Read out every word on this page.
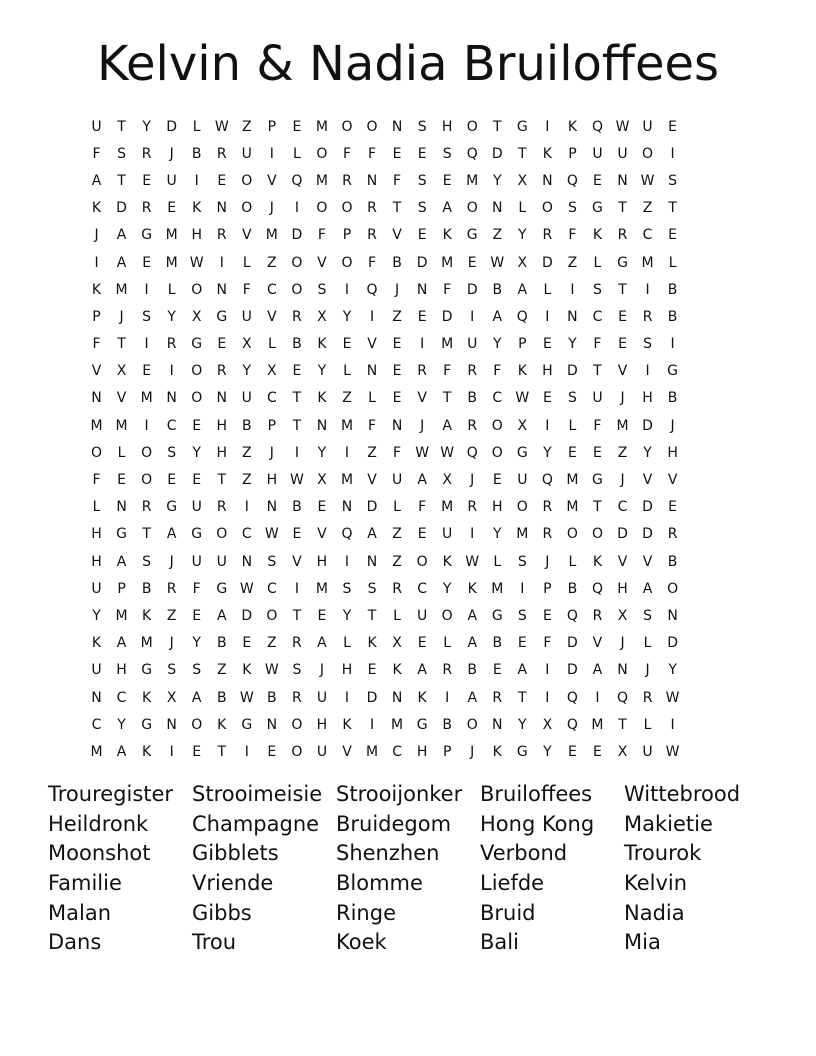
Kelvin & Nadia Bruiloffees
U	T	Y	D	L	W Z	P	E	M O	O	N	S	H	O	T	G	I	K	Q W U	E
F	S	R	J	B	R	U	I	L	O	F	F	E	E	S	Q	D	T	K	P	U	U	O	I
A	T	E	U	I	E	O	V	Q M	R	N	F	S	E	M	Y	X	N	Q	E	N W S
K	D	R	E	K	N	O	J	I	O	O	R	T	S	A	O	N	L	O	S	G	T	Z	T
J	A	G M H	R	V	M D	F	P	R	V	E	K	G	Z	Y	R	F	K	R	C	E
I	A	E	M W	I	L	Z	O	V	O	F	B	D M	E W X	D	Z	L	G M	L
K	M	I	L	O	N	F	C	O	S	I	Q	J	N	F	D	B	A	L	I	S	T	I	B
P	J	S	Y	X	G	U	V	R	X	Y	I	Z	E	D	I	A	Q	I	N	C	E	R	B
F	T	I	R	G	E	X	L	B	K	E	V	E	I	M U	Y	P	E	Y	F	E	S	I
V	X	E	I	O	R	Y	X	E	Y	L	N	E	R	F	R	F	K	H	D	T	V	I	G
N	V	M N	O	N	U	C	T	K	Z	L	E	V	T	B	C W E	S	U	J	H	B
M M	I	C	E	H	B	P	T	N M	F	N	J	A	R	O	X	I	L	F	M D	J
O	L	O	S	Y	H	Z	J	I	Y	I	Z	F	W W Q	O	G	Y	E	E	Z	Y	H
F	E	O	E	E	T	Z	H W X	M	V	U	A	X	J	E	U	Q M G	J	V	V
L	N	R	G	U	R	I	N	B	E	N	D	L	F	M	R	H	O	R	M	T	C	D	E
H	G	T	A	G	O	C W E	V	Q	A	Z	E	U	I	Y	M	R	O	O	D	D	R
H	A	S	J	U	U	N	S	V	H	I	N	Z	O	K W	L	S	J	L	K	V	V	B
U	P	B	R	F	G W C	I	M	S	S	R	C	Y	K	M	I	P	B	Q	H	A	O
Y	M	K	Z	E	A	D	O	T	E	Y	T	L	U	O	A	G	S	E	Q	R	X	S	N
K	A	M	J	Y	B	E	Z	R	A	L	K	X	E	L	A	B	E	F	D	V	J	L	D
U	H	G	S	S	Z	K W S	J	H	E	K	A	R	B	E	A	I	D	A	N	J	Y
N	C	K	X	A	B W B	R	U	I	D	N	K	I	A	R	T	I	Q	I	Q	R W
C	Y	G	N	O	K	G	N	O	H	K	I	M G	B	O	N	Y	X	Q M	T	L	I
M	A	K	I	E	T	I	E	O	U	V	M	C	H	P	J	K	G	Y	E	E	X	U W
Trouregister Strooimeisie Strooijonker Bruiloffees	Wittebrood
Heildronk	Champagne Bruidegom	Hong Kong	Makietie
Moonshot	Gibblets	Shenzhen	Verbond	Trourok
Familie	Vriende	Blomme	Liefde	Kelvin
Malan	Gibbs	Ringe	Bruid	Nadia
Dans	Trou	Koek	Bali	Mia
